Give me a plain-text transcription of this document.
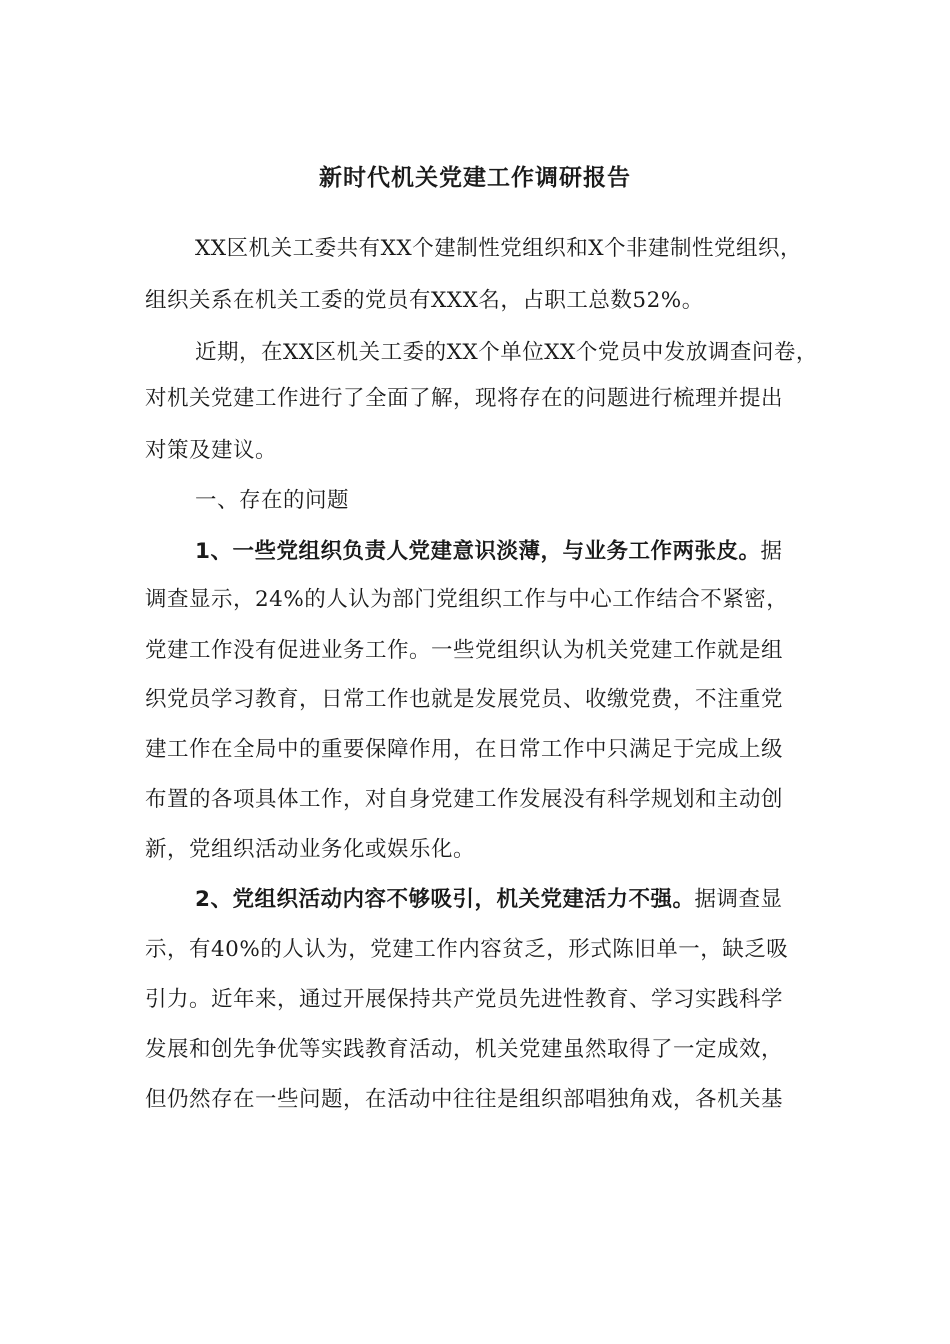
新时代机关党建工作调研报告
XX区机关工委共有XX个建制性党组织和X个非建制性党组织，
组织关系在机关工委的党员有XXX名，占职工总数52%。
近期，在XX区机关工委的XX个单位XX个党员中发放调查问卷，
对机关党建工作进行了全面了解，现将存在的问题进行梳理并提出
对策及建议。
一、存在的问题
1、一些党组织负责人党建意识淡薄，与业务工作两张皮。据
调查显示，24%的人认为部门党组织工作与中心工作结合不紧密，
党建工作没有促进业务工作。一些党组织认为机关党建工作就是组
织党员学习教育，日常工作也就是发展党员、收缴党费，不注重党
建工作在全局中的重要保障作用，在日常工作中只满足于完成上级
布置的各项具体工作，对自身党建工作发展没有科学规划和主动创
新，党组织活动业务化或娱乐化。
2、党组织活动内容不够吸引，机关党建活力不强。据调查显
示，有40%的人认为，党建工作内容贫乏，形式陈旧单一，缺乏吸
引力。近年来，通过开展保持共产党员先进性教育、学习实践科学
发展和创先争优等实践教育活动，机关党建虽然取得了一定成效，
但仍然存在一些问题，在活动中往往是组织部唱独角戏，各机关基
